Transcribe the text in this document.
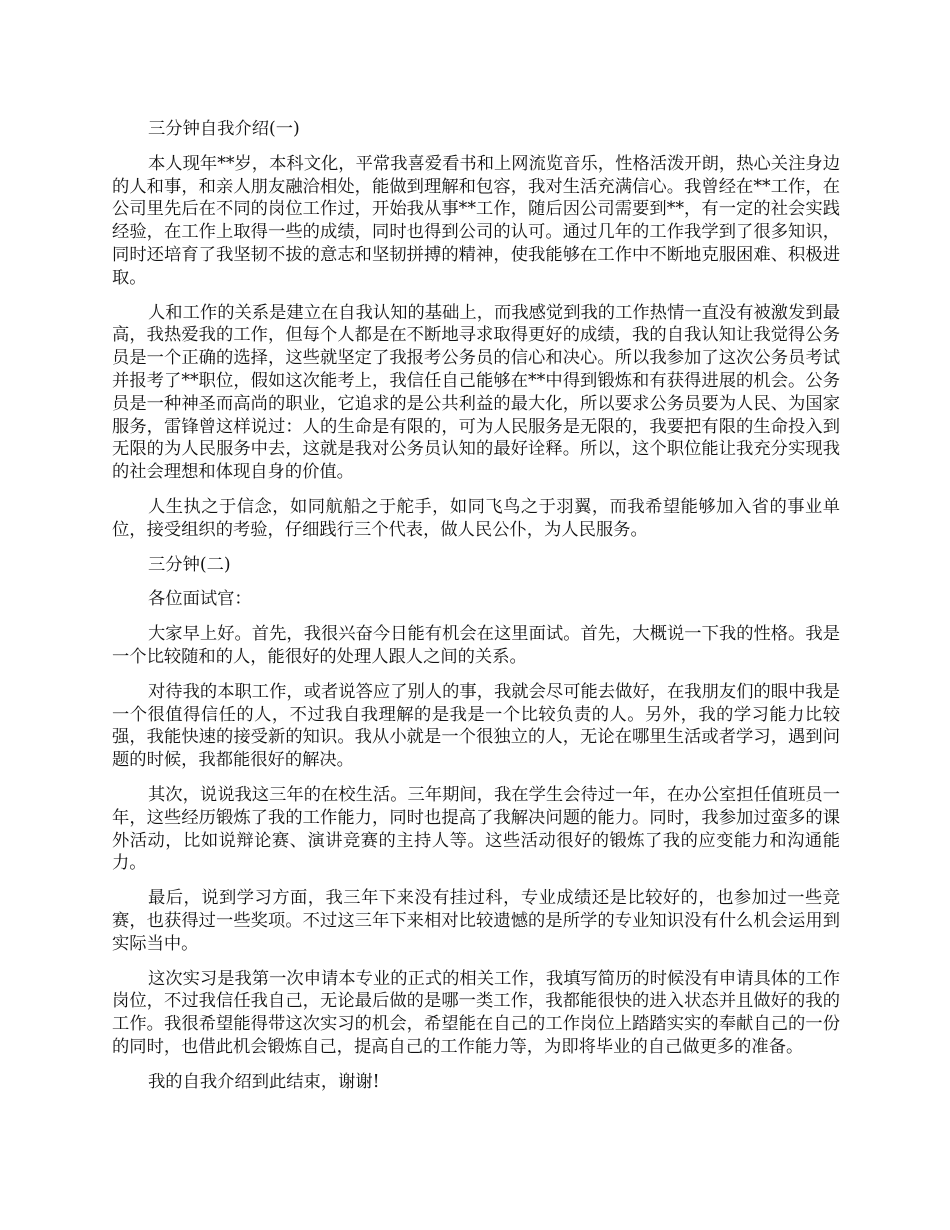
三分钟自我介绍(一)

本人现年**岁，本科文化，平常我喜爱看书和上网流览音乐，性格活泼开朗，热心关注身边的人和事，和亲人朋友融洽相处，能做到理解和包容，我对生活充满信心。我曾经在**工作，在公司里先后在不同的岗位工作过，开始我从事**工作，随后因公司需要到**，有一定的社会实践经验，在工作上取得一些的成绩，同时也得到公司的认可。通过几年的工作我学到了很多知识，同时还培育了我坚韧不拔的意志和坚韧拼搏的精神，使我能够在工作中不断地克服困难、积极进取。

人和工作的关系是建立在自我认知的基础上，而我感觉到我的工作热情一直没有被激发到最高，我热爱我的工作，但每个人都是在不断地寻求取得更好的成绩，我的自我认知让我觉得公务员是一个正确的选择，这些就坚定了我报考公务员的信心和决心。所以我参加了这次公务员考试并报考了**职位，假如这次能考上，我信任自己能够在**中得到锻炼和有获得进展的机会。公务员是一种神圣而高尚的职业，它追求的是公共利益的最大化，所以要求公务员要为人民、为国家服务，雷锋曾这样说过：人的生命是有限的，可为人民服务是无限的，我要把有限的生命投入到无限的为人民服务中去，这就是我对公务员认知的最好诠释。所以，这个职位能让我充分实现我的社会理想和体现自身的价值。

人生执之于信念，如同航船之于舵手，如同飞鸟之于羽翼，而我希望能够加入省的事业单位，接受组织的考验，仔细践行三个代表，做人民公仆，为人民服务。

三分钟(二)

各位面试官：

大家早上好。首先，我很兴奋今日能有机会在这里面试。首先，大概说一下我的性格。我是一个比较随和的人，能很好的处理人跟人之间的关系。

对待我的本职工作，或者说答应了别人的事，我就会尽可能去做好，在我朋友们的眼中我是一个很值得信任的人，不过我自我理解的是我是一个比较负责的人。另外，我的学习能力比较强，我能快速的接受新的知识。我从小就是一个很独立的人，无论在哪里生活或者学习，遇到问题的时候，我都能很好的解决。

其次，说说我这三年的在校生活。三年期间，我在学生会待过一年，在办公室担任值班员一年，这些经历锻炼了我的工作能力，同时也提高了我解决问题的能力。同时，我参加过蛮多的课外活动，比如说辩论赛、演讲竞赛的主持人等。这些活动很好的锻炼了我的应变能力和沟通能力。

最后，说到学习方面，我三年下来没有挂过科，专业成绩还是比较好的，也参加过一些竞赛，也获得过一些奖项。不过这三年下来相对比较遗憾的是所学的专业知识没有什么机会运用到实际当中。

这次实习是我第一次申请本专业的正式的相关工作，我填写简历的时候没有申请具体的工作岗位，不过我信任我自己，无论最后做的是哪一类工作，我都能很快的进入状态并且做好的我的工作。我很希望能得带这次实习的机会，希望能在自己的工作岗位上踏踏实实的奉献自己的一份的同时，也借此机会锻炼自己，提高自己的工作能力等，为即将毕业的自己做更多的准备。

我的自我介绍到此结束，谢谢!
